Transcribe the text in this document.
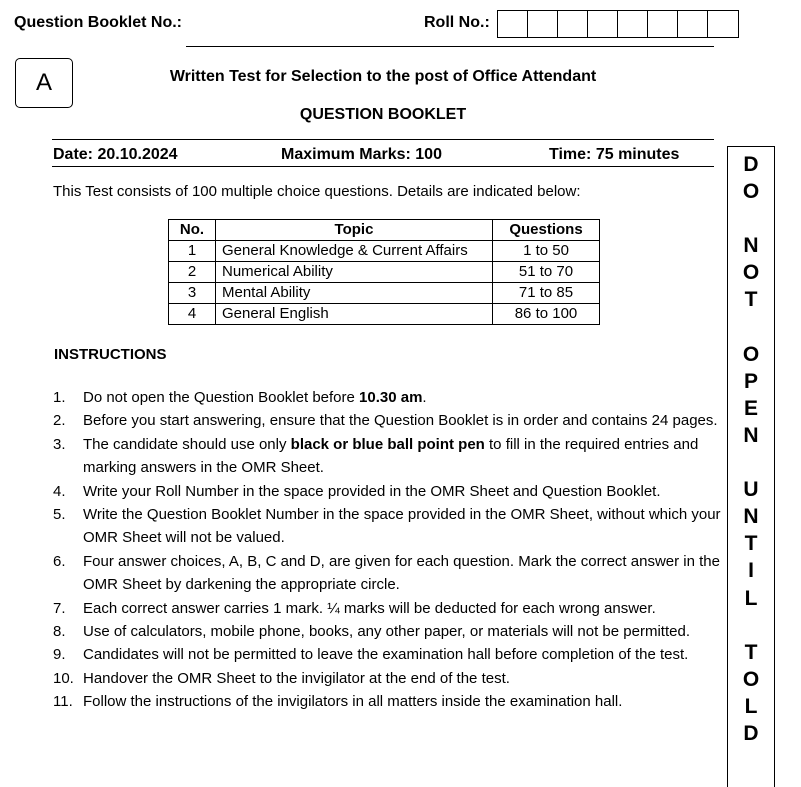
Question Booklet No.:	Roll No.:
A	Written Test for Selection to the post of Office Attendant
QUESTION BOOKLET
Date: 20.10.2024	Maximum Marks: 100	Time: 75 minutes
This Test consists of 100 multiple choice questions. Details are indicated below:
No.	Topic	Questions
1	General Knowledge & Current Affairs	1 to 50
2	Numerical Ability	51 to 70
3	Mental Ability	71 to 85
4	General English	86 to 100
INSTRUCTIONS
1. Do not open the Question Booklet before 10.30 am.
2. Before you start answering, ensure that the Question Booklet is in order and contains 24 pages.
3. The candidate should use only black or blue ball point pen to fill in the required entries and marking answers in the OMR Sheet.
4. Write your Roll Number in the space provided in the OMR Sheet and Question Booklet.
5. Write the Question Booklet Number in the space provided in the OMR Sheet, without which your OMR Sheet will not be valued.
6. Four answer choices, A, B, C and D, are given for each question. Mark the correct answer in the OMR Sheet by darkening the appropriate circle.
7. Each correct answer carries 1 mark. ¼ marks will be deducted for each wrong answer.
8. Use of calculators, mobile phone, books, any other paper, or materials will not be permitted.
9. Candidates will not be permitted to leave the examination hall before completion of the test.
10. Handover the OMR Sheet to the invigilator at the end of the test.
11. Follow the instructions of the invigilators in all matters inside the examination hall.
D
O
N
O
T
O
P
E
N
U
N
T
I
L
T
O
L
D
